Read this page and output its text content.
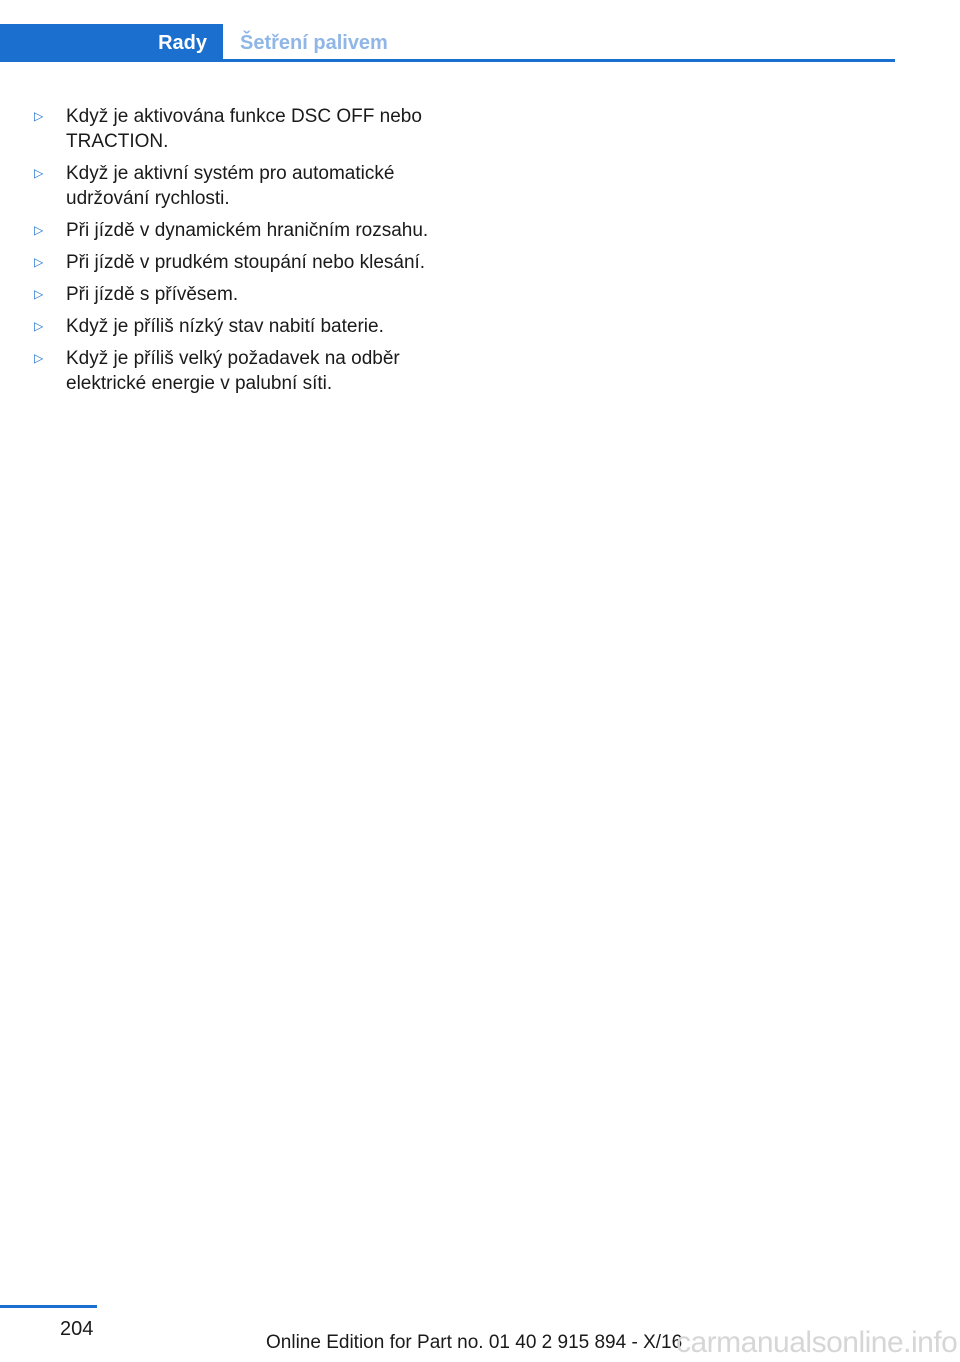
Rady Šetření palivem
▷	Když je aktivována funkce DSC OFF nebo TRACTION.
▷	Když je aktivní systém pro automatické udržování rychlosti.
▷	Při jízdě v dynamickém hraničním rozsahu.
▷	Při jízdě v prudkém stoupání nebo klesání.
▷	Při jízdě s přívěsem.
▷	Když je příliš nízký stav nabití baterie.
▷	Když je příliš velký požadavek na odběr elektrické energie v palubní síti.
204
Online Edition for Part no. 01 40 2 915 894 - X/16
carmanualsonline.info
